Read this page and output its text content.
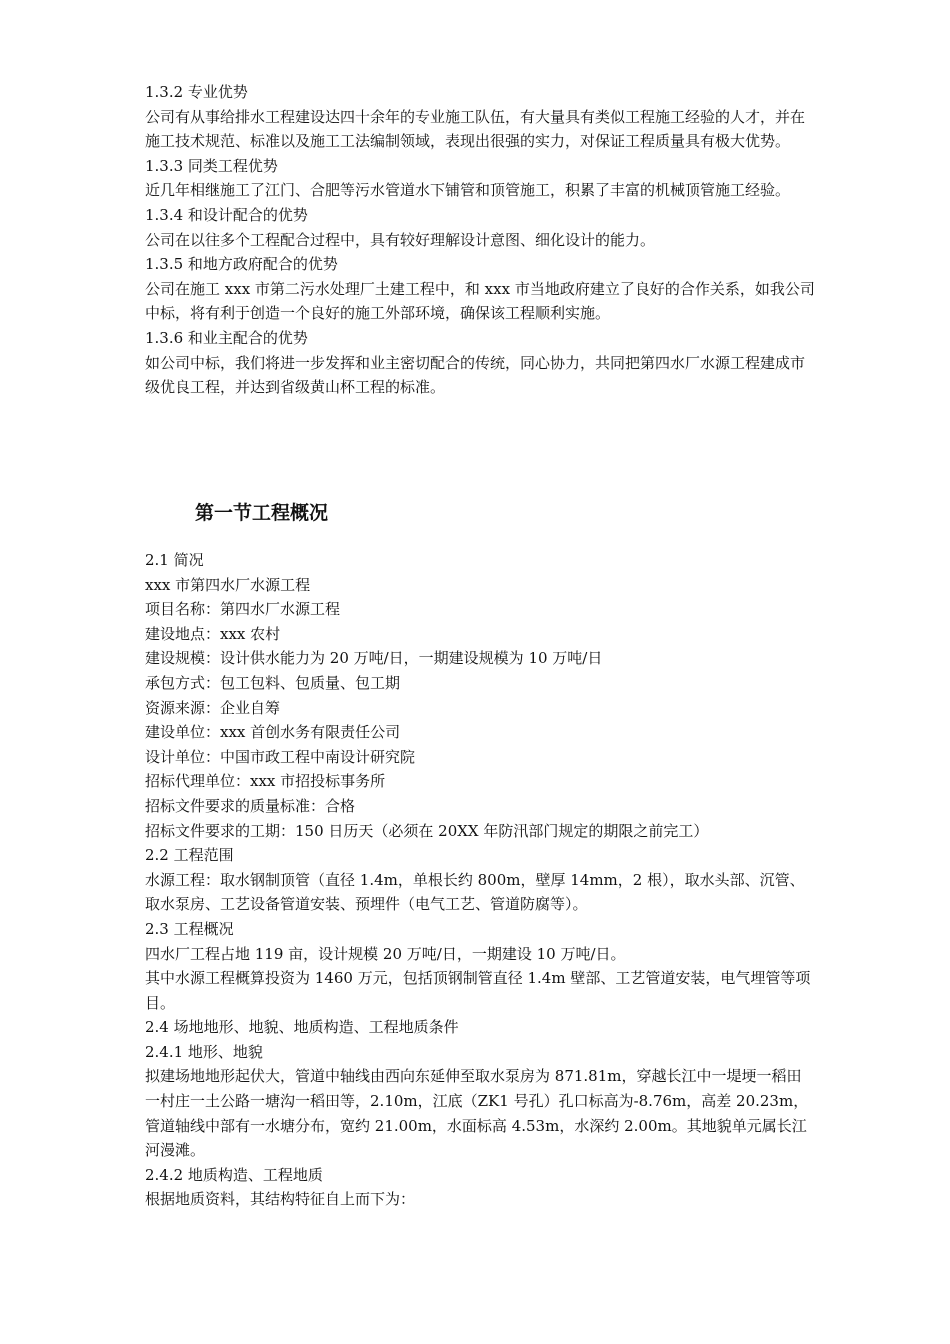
1.3.2 专业优势

公司有从事给排水工程建设达四十余年的专业施工队伍，有大量具有类似工程施工经验的人才，并在施工技术规范、标准以及施工工法编制领域，表现出很强的实力，对保证工程质量具有极大优势。

1.3.3 同类工程优势

近几年相继施工了江门、合肥等污水管道水下铺管和顶管施工，积累了丰富的机械顶管施工经验。

1.3.4 和设计配合的优势

公司在以往多个工程配合过程中，具有较好理解设计意图、细化设计的能力。

1.3.5 和地方政府配合的优势

公司在施工 xxx 市第二污水处理厂土建工程中，和 xxx 市当地政府建立了良好的合作关系，如我公司中标，将有利于创造一个良好的施工外部环境，确保该工程顺利实施。

1.3.6 和业主配合的优势

如公司中标，我们将进一步发挥和业主密切配合的传统，同心协力，共同把第四水厂水源工程建成市级优良工程，并达到省级黄山杯工程的标准。

第一节工程概况

2.1 简况

xxx 市第四水厂水源工程

项目名称：第四水厂水源工程

建设地点：xxx 农村

建设规模：设计供水能力为 20 万吨/日，一期建设规模为 10 万吨/日

承包方式：包工包料、包质量、包工期

资源来源：企业自筹

建设单位：xxx 首创水务有限责任公司

设计单位：中国市政工程中南设计研究院

招标代理单位：xxx 市招投标事务所

招标文件要求的质量标准：合格

招标文件要求的工期：150 日历天（必须在 20XX 年防汛部门规定的期限之前完工）

2.2 工程范围

水源工程：取水钢制顶管（直径 1.4m，单根长约 800m，壁厚 14mm，2 根），取水头部、沉管、取水泵房、工艺设备管道安装、预埋件（电气工艺、管道防腐等）。

2.3 工程概况

四水厂工程占地 119 亩，设计规模 20 万吨/日，一期建设 10 万吨/日。

其中水源工程概算投资为 1460 万元，包括顶钢制管直径 1.4m 壁部、工艺管道安装，电气埋管等项目。

2.4 场地地形、地貌、地质构造、工程地质条件

2.4.1 地形、地貌

拟建场地地形起伏大，管道中轴线由西向东延伸至取水泵房为 871.81m，穿越长江中一堤埂一稻田一村庄一土公路一塘沟一稻田等，2.10m，江底（ZK1 号孔）孔口标高为-8.76m，高差 20.23m，管道轴线中部有一水塘分布，宽约 21.00m，水面标高 4.53m，水深约 2.00m。其地貌单元属长江河漫滩。

2.4.2 地质构造、工程地质

根据地质资料，其结构特征自上而下为：
